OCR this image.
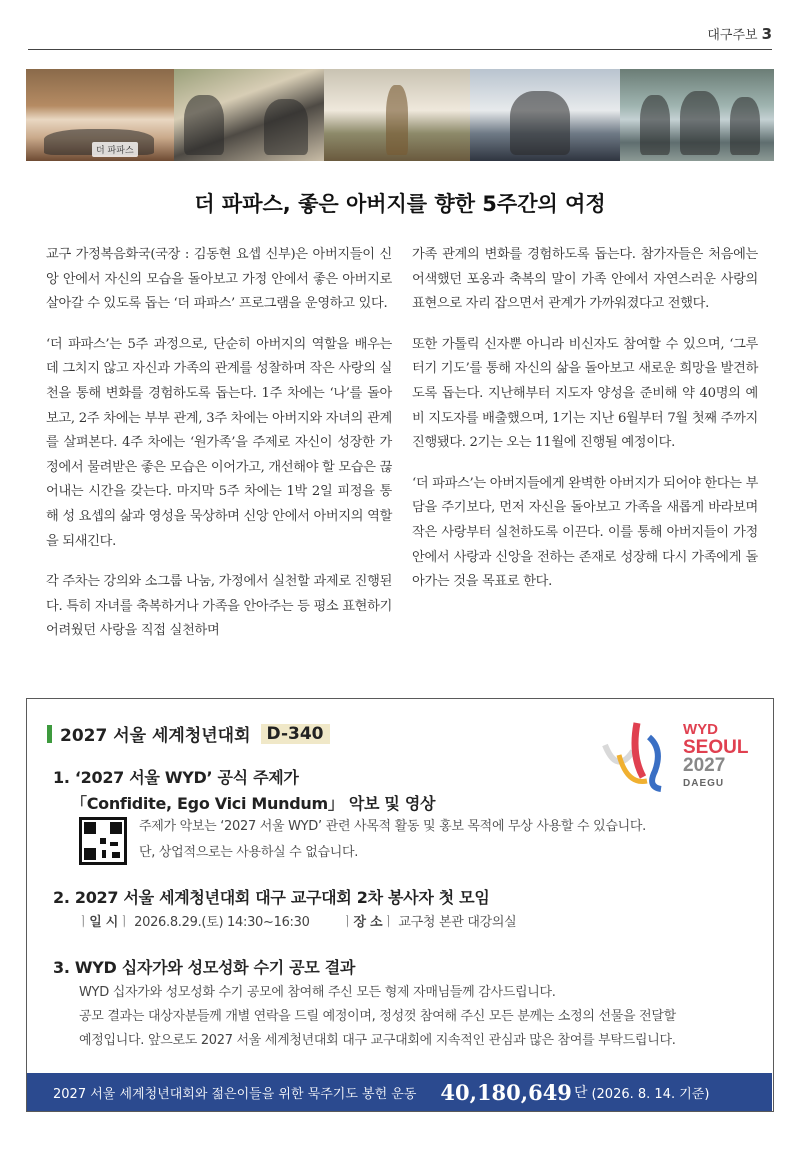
대구주보 3
더 파파스
더 파파스, 좋은 아버지를 향한 5주간의 여정

교구 가정복음화국(국장 : 김동현 요셉 신부)은 아버지들이 신앙 안에서 자신의 모습을 돌아보고 가정 안에서 좋은 아버지로 살아갈 수 있도록 돕는 ‘더 파파스’ 프로그램을 운영하고 있다.

‘더 파파스’는 5주 과정으로, 단순히 아버지의 역할을 배우는 데 그치지 않고 자신과 가족의 관계를 성찰하며 작은 사랑의 실천을 통해 변화를 경험하도록 돕는다. 1주 차에는 ‘나’를 돌아보고, 2주 차에는 부부 관계, 3주 차에는 아버지와 자녀의 관계를 살펴본다. 4주 차에는 ‘원가족’을 주제로 자신이 성장한 가정에서 물려받은 좋은 모습은 이어가고, 개선해야 할 모습은 끊어내는 시간을 갖는다. 마지막 5주 차에는 1박 2일 피정을 통해 성 요셉의 삶과 영성을 묵상하며 신앙 안에서 아버지의 역할을 되새긴다.

각 주차는 강의와 소그룹 나눔, 가정에서 실천할 과제로 진행된다. 특히 자녀를 축복하거나 가족을 안아주는 등 평소 표현하기 어려웠던 사랑을 직접 실천하며

가족 관계의 변화를 경험하도록 돕는다. 참가자들은 처음에는 어색했던 포옹과 축복의 말이 가족 안에서 자연스러운 사랑의 표현으로 자리 잡으면서 관계가 가까워졌다고 전했다.

또한 가톨릭 신자뿐 아니라 비신자도 참여할 수 있으며, ‘그루터기 기도’를 통해 자신의 삶을 돌아보고 새로운 희망을 발견하도록 돕는다. 지난해부터 지도자 양성을 준비해 약 40명의 예비 지도자를 배출했으며, 1기는 지난 6월부터 7월 첫째 주까지 진행됐다. 2기는 오는 11월에 진행될 예정이다.

‘더 파파스’는 아버지들에게 완벽한 아버지가 되어야 한다는 부담을 주기보다, 먼저 자신을 돌아보고 가족을 새롭게 바라보며 작은 사랑부터 실천하도록 이끈다. 이를 통해 아버지들이 가정 안에서 사랑과 신앙을 전하는 존재로 성장해 다시 가족에게 돌아가는 것을 목표로 한다.

2027 서울 세계청년대회 D-340	WYD
SEOUL
2027
DAEGU
1. ‘2027 서울 WYD’ 공식 주제가
「Confidite, Ego Vici Mundum」 악보 및 영상
주제가 악보는 ‘2027 서울 WYD’ 관련 사목적 활동 및 홍보 목적에 무상 사용할 수 있습니다.
단, 상업적으로는 사용하실 수 없습니다.
2. 2027 서울 세계청년대회 대구 교구대회 2차 봉사자 첫 모임
ㅣ일 시ㅣ 2026.8.29.(토) 14:30~16:30 ㅣ장 소ㅣ 교구청 본관 대강의실
3. WYD 십자가와 성모성화 수기 공모 결과
WYD 십자가와 성모성화 수기 공모에 참여해 주신 모든 형제 자매님들께 감사드립니다.
공모 결과는 대상자분들께 개별 연락을 드릴 예정이며, 정성껏 참여해 주신 모든 분께는 소정의 선물을 전달할
예정입니다. 앞으로도 2027 서울 세계청년대회 대구 교구대회에 지속적인 관심과 많은 참여를 부탁드립니다.
2027 서울 세계청년대회와 젊은이들을 위한 묵주기도 봉헌 운동 40,180,649 단 (2026. 8. 14. 기준)
